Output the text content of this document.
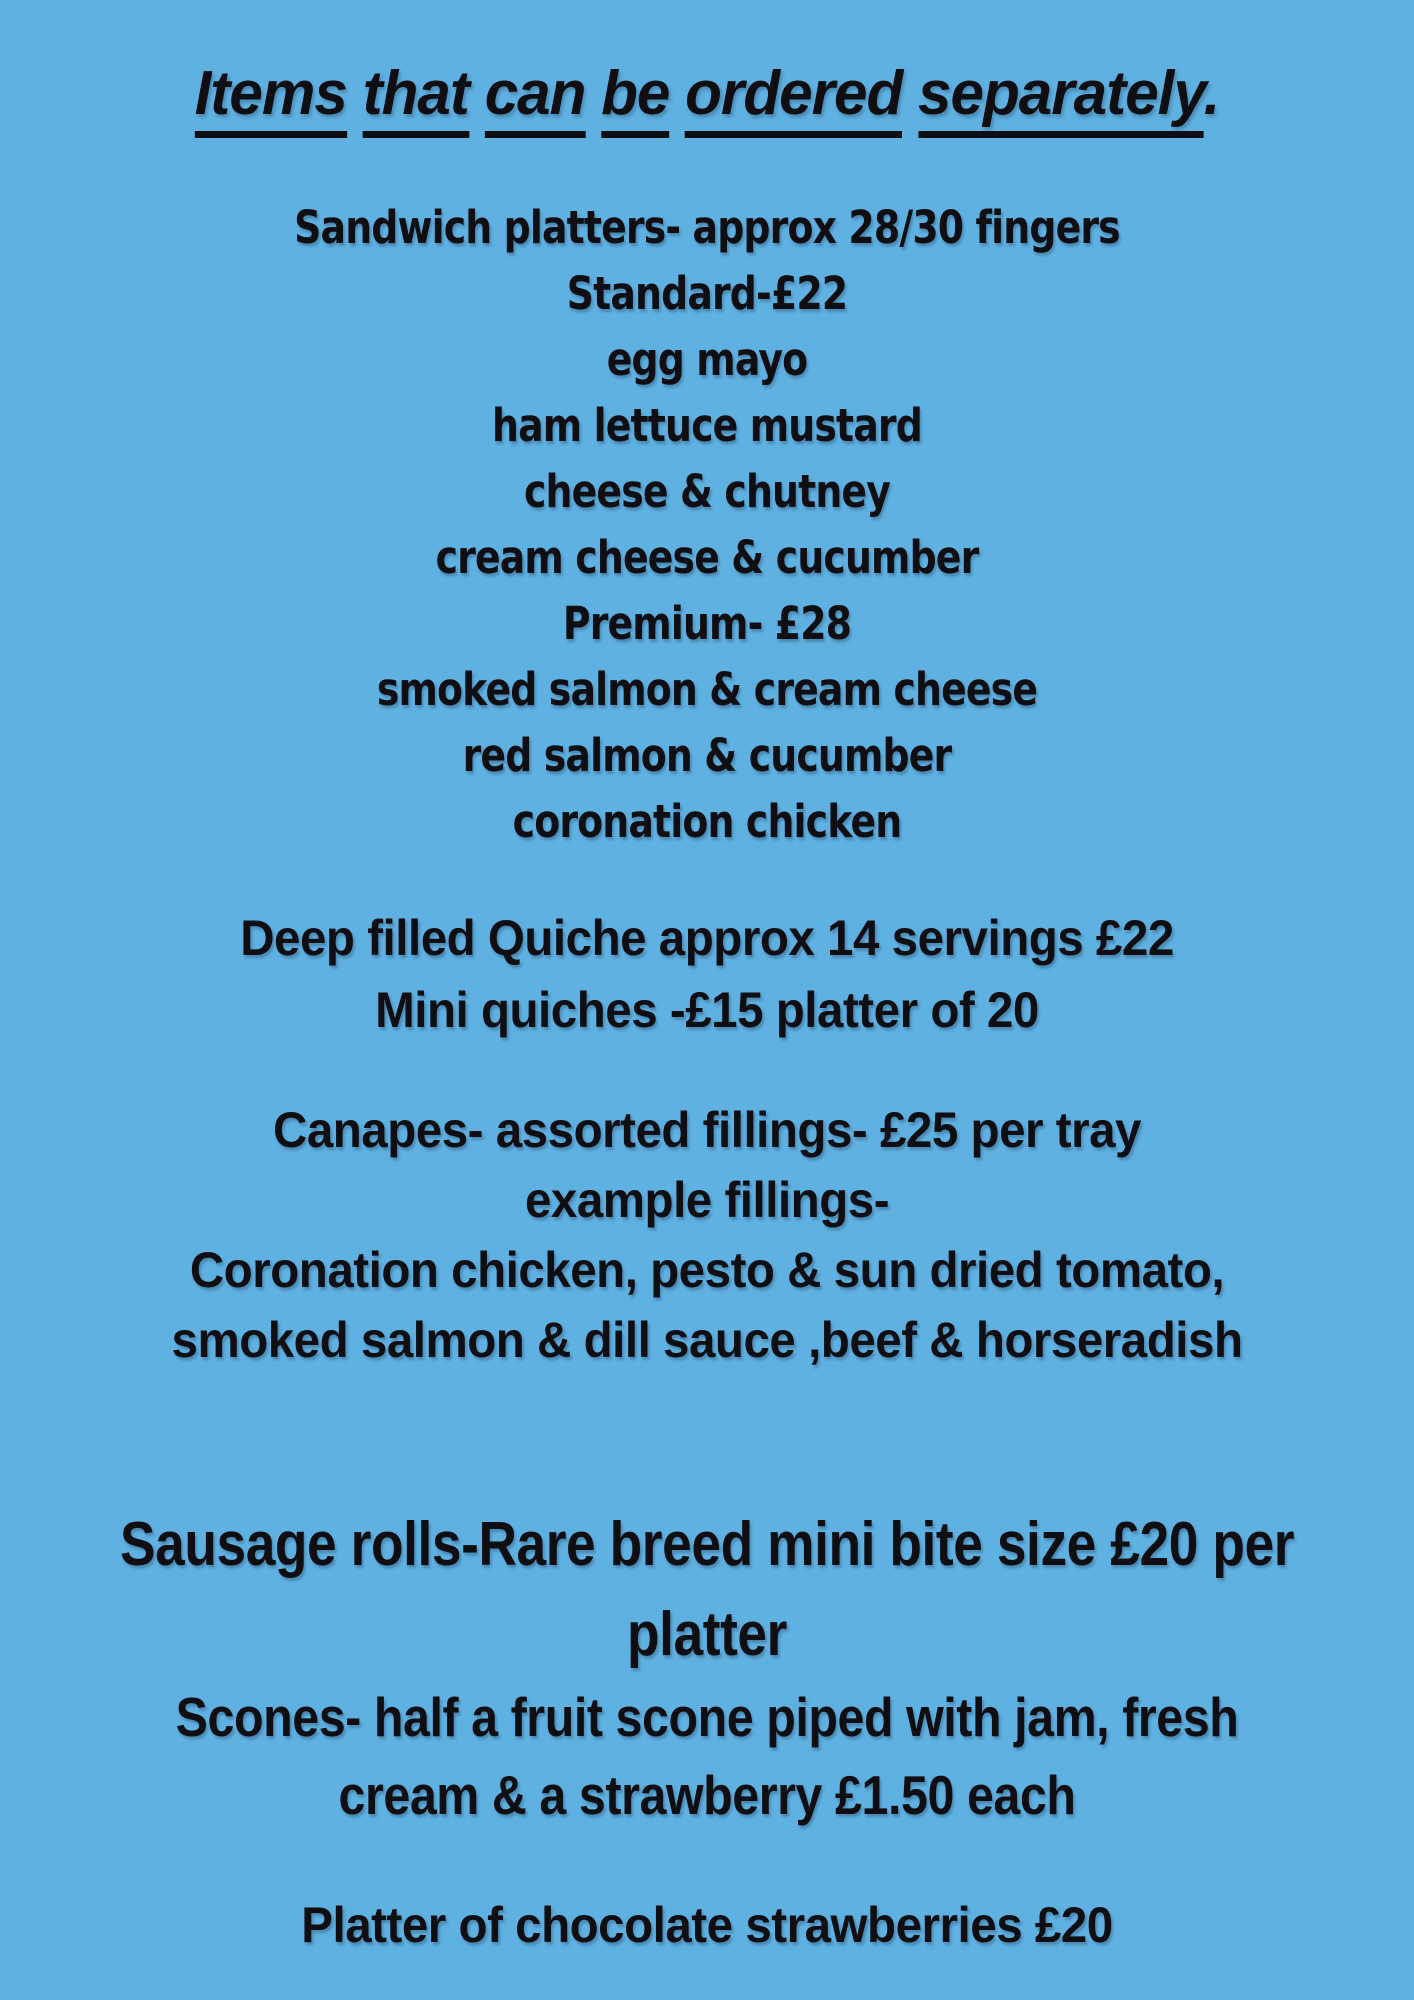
Items that can be ordered separately.
Sandwich platters- approx 28/30 fingers
Standard-£22
egg mayo
ham lettuce mustard
cheese & chutney
cream cheese & cucumber
Premium- £28
smoked salmon & cream cheese
red salmon & cucumber
coronation chicken
Deep filled Quiche approx 14 servings £22
Mini quiches -£15 platter of 20
Canapes- assorted fillings- £25 per tray
example fillings-
Coronation chicken, pesto & sun dried tomato,
smoked salmon & dill sauce ,beef & horseradish
Sausage rolls-Rare breed mini bite size £20 per
platter
Scones- half a fruit scone piped with jam, fresh
cream & a strawberry £1.50 each
Platter of chocolate strawberries £20
